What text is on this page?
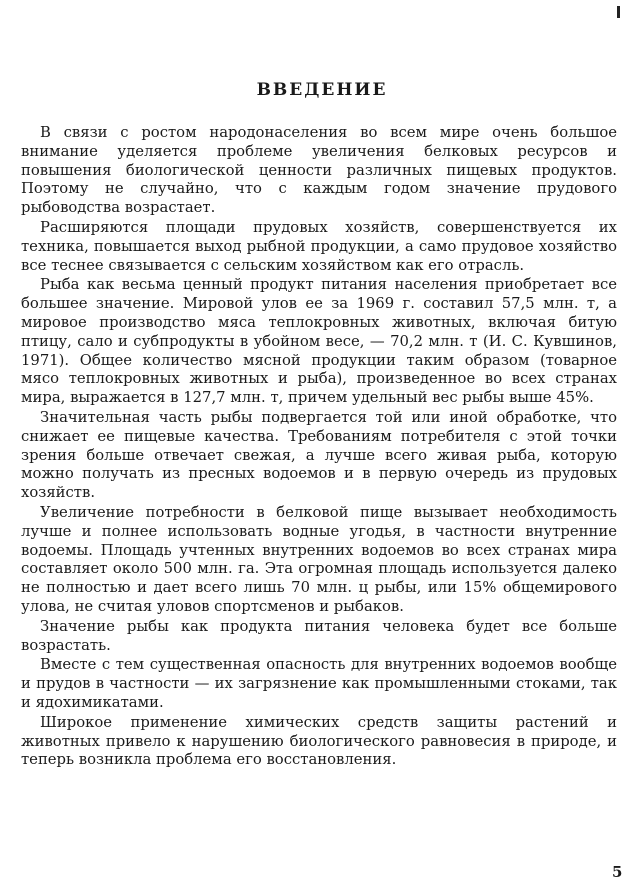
ВВЕДЕНИЕ

В связи с ростом народонаселения во всем мире очень большое внимание уделяется проблеме увеличения белковых ресурсов и повышения биологической ценности различных пищевых продуктов. Поэтому не случайно, что с каждым годом значение прудового рыбоводства возрастает.

Расширяются площади прудовых хозяйств, совершенствуется их техника, повышается выход рыбной продукции, а само прудовое хозяйство все теснее связывается с сельским хозяйством как его отрасль.

Рыба как весьма ценный продукт питания населения приобретает все большее значение. Мировой улов ее за 1969 г. составил 57,5 млн. т, а мировое производство мяса теплокровных животных, включая битую птицу, сало и субпродукты в убойном весе, — 70,2 млн. т (И. С. Кувшинов, 1971). Общее количество мясной продукции таким образом (товарное мясо теплокровных животных и рыба), произведенное во всех странах мира, выражается в 127,7 млн. т, причем удельный вес рыбы выше 45%.

Значительная часть рыбы подвергается той или иной обработке, что снижает ее пищевые качества. Требованиям потребителя с этой точки зрения больше отвечает свежая, а лучше всего живая рыба, которую можно получать из пресных водоемов и в первую очередь из прудовых хозяйств.

Увеличение потребности в белковой пище вызывает необходимость лучше и полнее использовать водные угодья, в частности внутренние водоемы. Площадь учтенных внутренних водоемов во всех странах мира составляет около 500 млн. га. Эта огромная площадь используется далеко не полностью и дает всего лишь 70 млн. ц рыбы, или 15% общемирового улова, не считая уловов спортсменов и рыбаков.

Значение рыбы как продукта питания человека будет все больше возрастать.

Вместе с тем существенная опасность для внутренних водоемов вообще и прудов в частности — их загрязнение как промышленными стоками, так и ядохимикатами.

Широкое применение химических средств защиты растений и животных привело к нарушению биологического равновесия в природе, и теперь возникла проблема его восстановления.

5
